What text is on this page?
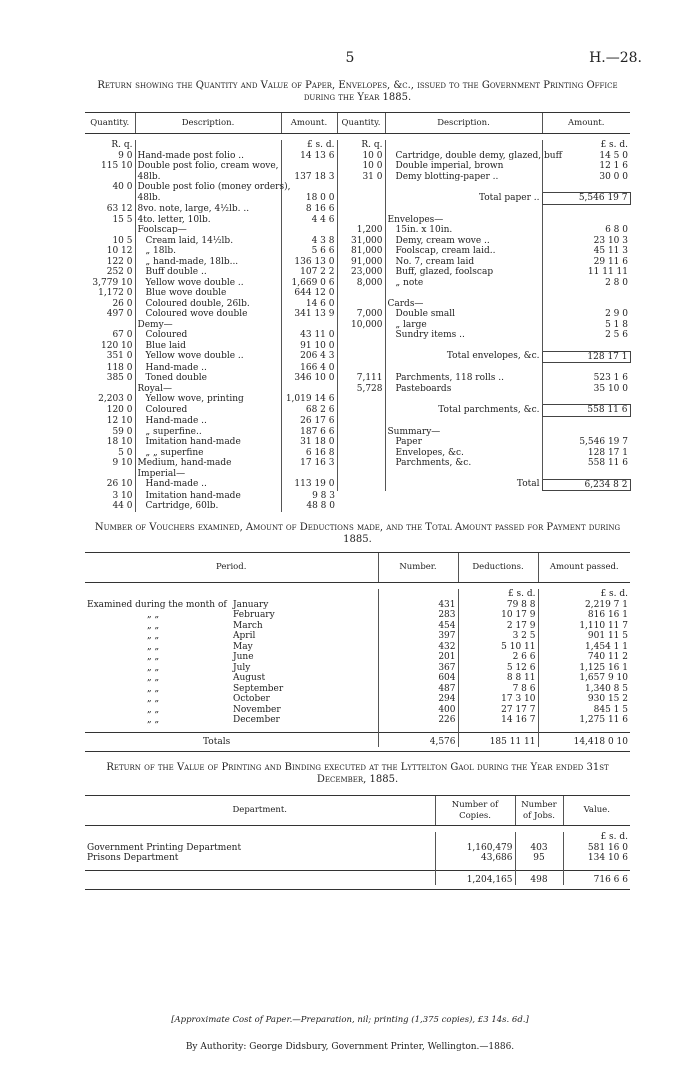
5	H.—28.
Return showing the Quantity and Value of Paper, Envelopes, &c., issued to the Government Printing Office during the Year 1885.
Quantity.	Description.	Amount.	Quantity.	Description.	Amount.

R. q.		£ s. d.	R. q.		£ s. d.
9 0	Hand-made post folio ..	14 13 6	10 0	Cartridge, double demy, glazed, buff	14 5 0
115 10	Double post folio, cream wove,		10 0	Double imperial, brown	12 1 6
	48lb.	137 18 3	31 0	Demy blotting-paper ..	30 0 0
40 0	Double post folio (money orders),				
	48lb.	18 0 0		Total paper ..	5,546 19 7
63 12	8vo. note, large, 4½lb. ..	8 16 6			
15 5	4to. letter, 10lb.	4 4 6		Envelopes—	
	Foolscap—		1,200	15in. x 10in.	6 8 0
10 5	Cream laid, 14½lb.	4 3 8	31,000	Demy, cream wove ..	23 10 3
10 12	„ 18lb.	5 6 6	81,000	Foolscap, cream laid..	45 11 3
122 0	„ hand-made, 18lb...	136 13 0	91,000	No. 7, cream laid	29 11 6
252 0	Buff double ..	107 2 2	23,000	Buff, glazed, foolscap	11 11 11
3,779 10	Yellow wove double ..	1,669 0 6	8,000	„ note	2 8 0
1,172 0	Blue wove double	644 12 0			
26 0	Coloured double, 26lb.	14 6 0		Cards—	
497 0	Coloured wove double	341 13 9	7,000	Double small	2 9 0
	Demy—		10,000	„ large	5 1 8
67 0	Coloured	43 11 0		Sundry items ..	2 5 6
120 10	Blue laid	91 10 0			
351 0	Yellow wove double ..	206 4 3		Total envelopes, &c.	128 17 1
118 0	Hand-made ..	166 4 0			
385 0	Toned double	346 10 0	7,111	Parchments, 118 rolls ..	523 1 6
	Royal—		5,728	Pasteboards	35 10 0
2,203 0	Yellow wove, printing	1,019 14 6			
120 0	Coloured	68 2 6		Total parchments, &c.	558 11 6
12 10	Hand-made ..	26 17 6			
59 0	„ superfine..	187 6 6		Summary—	
18 10	Imitation hand-made	31 18 0		Paper	5,546 19 7
5 0	„ „ superfine	6 16 8		Envelopes, &c.	128 17 1
9 10	Medium, hand-made	17 16 3		Parchments, &c.	558 11 6
	Imperial—				
26 10	Hand-made ..	113 19 0		Total	6,234 8 2
3 10	Imitation hand-made	9 8 3			
44 0	Cartridge, 60lb.	48 8 0			
Number of Vouchers examined, Amount of Deductions made, and the Total Amount passed for Payment during 1885.
Period.	Number.	Deductions.	Amount passed.

		£ s. d.	£ s. d.
Examined during the month of January	431	79 8 8	2,219 7 1
„ „ February	283	10 17 9	816 16 1
„ „ March	454	2 17 9	1,110 11 7
„ „ April	397	3 2 5	901 11 5
„ „ May	432	5 10 11	1,454 1 1
„ „ June	201	2 6 6	740 11 2
„ „ July	367	5 12 6	1,125 16 1
„ „ August	604	8 8 11	1,657 9 10
„ „ September	487	7 8 6	1,340 8 5
„ „ October	294	17 3 10	930 15 2
„ „ November	400	27 17 7	845 1 5
„ „ December	226	14 16 7	1,275 11 6

Totals	4,576	185 11 11	14,418 0 10

Return of the Value of Printing and Binding executed at the Lyttelton Gaol during the Year ended 31st December, 1885.
Department.	Number of Copies.	Number of Jobs.	Value.

			£ s. d.
Government Printing Department	1,160,479	403	581 16 0
Prisons Department	43,686	95	134 10 6

	1,204,165	498	716 6 6

[Approximate Cost of Paper.—Preparation, nil; printing (1,375 copies), £3 14s. 6d.]
By Authority: George Didsbury, Government Printer, Wellington.—1886.
